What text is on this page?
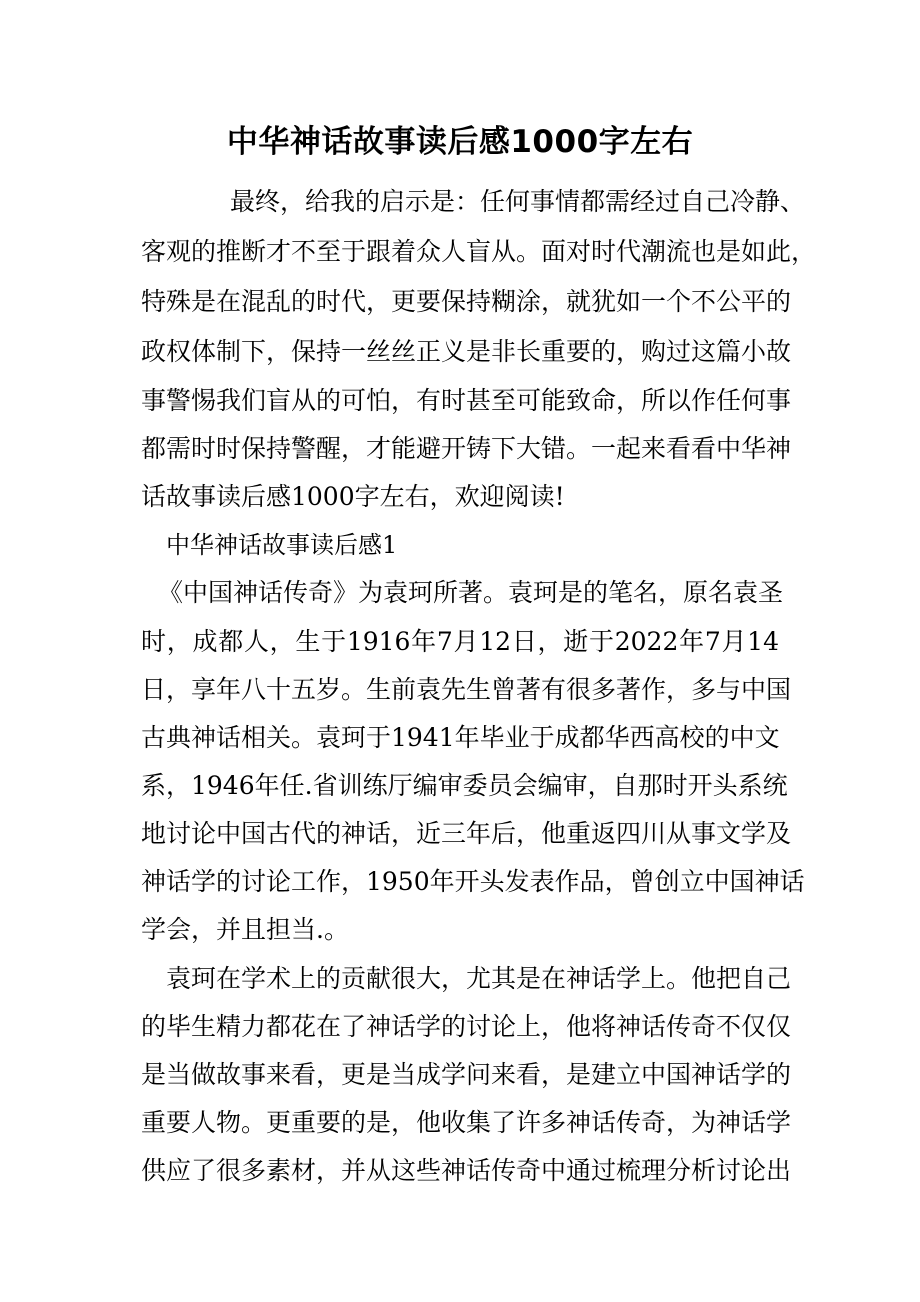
中华神话故事读后感1000字左右
最终，给我的启示是：任何事情都需经过自己冷静、
客观的推断才不至于跟着众人盲从。面对时代潮流也是如此，
特殊是在混乱的时代，更要保持糊涂，就犹如一个不公平的
政权体制下，保持一丝丝正义是非长重要的，购过这篇小故
事警惕我们盲从的可怕，有时甚至可能致命，所以作任何事
都需时时保持警醒，才能避开铸下大错。一起来看看中华神
话故事读后感1000字左右，欢迎阅读!
中华神话故事读后感1
《中国神话传奇》为袁珂所著。袁珂是的笔名，原名袁圣
时，成都人，生于1916年7月12日，逝于2022年7月14
日，享年八十五岁。生前袁先生曾著有很多著作，多与中国
古典神话相关。袁珂于1941年毕业于成都华西高校的中文
系，1946年任.省训练厅编审委员会编审，自那时开头系统
地讨论中国古代的神话，近三年后，他重返四川从事文学及
神话学的讨论工作，1950年开头发表作品，曾创立中国神话
学会，并且担当.。
袁珂在学术上的贡献很大，尤其是在神话学上。他把自己
的毕生精力都花在了神话学的讨论上，他将神话传奇不仅仅
是当做故事来看，更是当成学问来看，是建立中国神话学的
重要人物。更重要的是，他收集了许多神话传奇，为神话学
供应了很多素材，并从这些神话传奇中通过梳理分析讨论出
